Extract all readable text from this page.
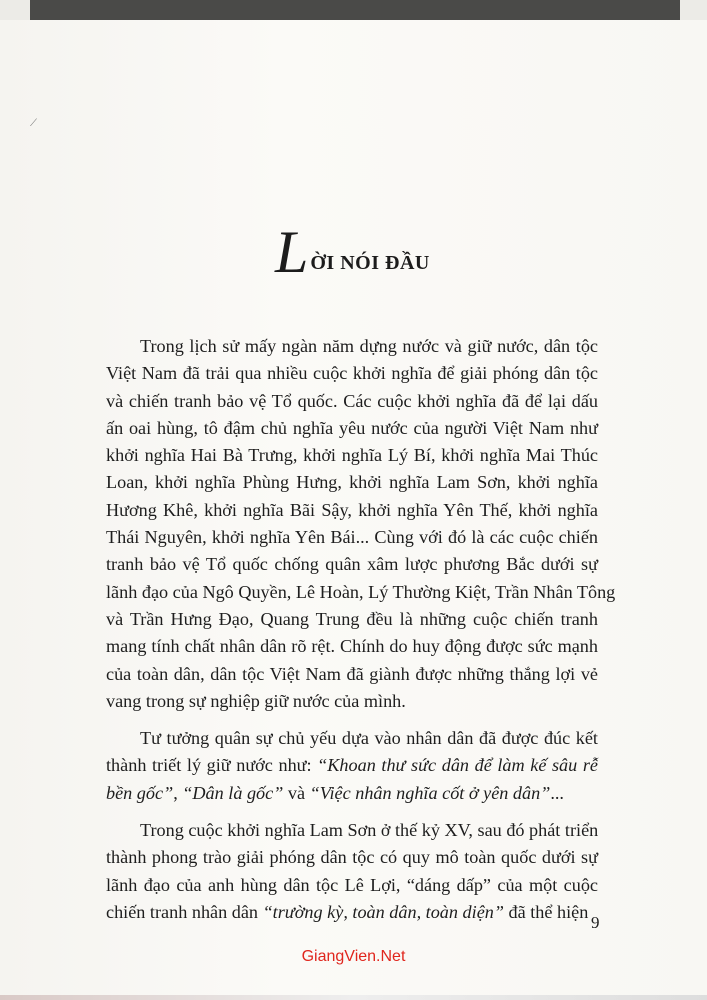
⟋
L ỜI NÓI ĐẦU
Trong lịch sử mấy ngàn năm dựng nước và giữ nước, dân tộc
Việt Nam đã trải qua nhiều cuộc khởi nghĩa để giải phóng dân tộc
và chiến tranh bảo vệ Tổ quốc. Các cuộc khởi nghĩa đã để lại dấu
ấn oai hùng, tô đậm chủ nghĩa yêu nước của người Việt Nam như
khởi nghĩa Hai Bà Trưng, khởi nghĩa Lý Bí, khởi nghĩa Mai Thúc
Loan, khởi nghĩa Phùng Hưng, khởi nghĩa Lam Sơn, khởi nghĩa
Hương Khê, khởi nghĩa Bãi Sậy, khởi nghĩa Yên Thế, khởi nghĩa
Thái Nguyên, khởi nghĩa Yên Bái... Cùng với đó là các cuộc chiến
tranh bảo vệ Tổ quốc chống quân xâm lược phương Bắc dưới sự
lãnh đạo của Ngô Quyền, Lê Hoàn, Lý Thường Kiệt, Trần Nhân Tông
và Trần Hưng Đạo, Quang Trung đều là những cuộc chiến tranh
mang tính chất nhân dân rõ rệt. Chính do huy động được sức mạnh
của toàn dân, dân tộc Việt Nam đã giành được những thắng lợi vẻ
vang trong sự nghiệp giữ nước của mình.
Tư tưởng quân sự chủ yếu dựa vào nhân dân đã được đúc kết
thành triết lý giữ nước như: “Khoan thư sức dân để làm kế sâu rễ
bền gốc”, “Dân là gốc” và “Việc nhân nghĩa cốt ở yên dân”...
Trong cuộc khởi nghĩa Lam Sơn ở thế kỷ XV, sau đó phát triển
thành phong trào giải phóng dân tộc có quy mô toàn quốc dưới sự
lãnh đạo của anh hùng dân tộc Lê Lợi, “dáng dấp” của một cuộc
chiến tranh nhân dân “trường kỳ, toàn dân, toàn diện” đã thể hiện
9
GiangVien.Net
